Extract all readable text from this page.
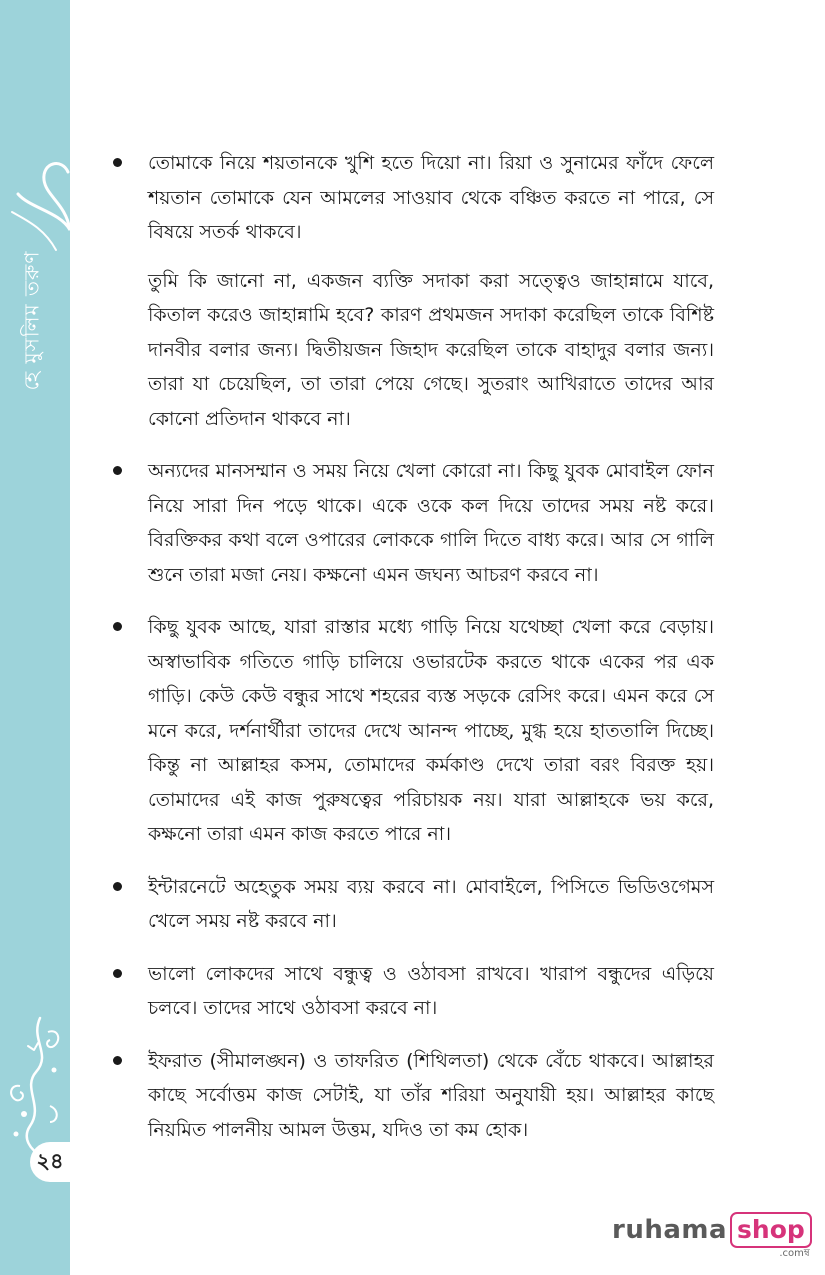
হে মুসলিম তরুণ
২৪

তোমাকে নিয়ে শয়তানকে খুশি হতে দিয়ো না। রিয়া ও সুনামের ফাঁদে ফেলে শয়তান তোমাকে যেন আমলের সাওয়াব থেকে বঞ্চিত করতে না পারে, সে বিষয়ে সতর্ক থাকবে।

তুমি কি জানো না, একজন ব্যক্তি সদাকা করা সত্ত্বেও জাহান্নামে যাবে, কিতাল করেও জাহান্নামি হবে? কারণ প্রথমজন সদাকা করেছিল তাকে বিশিষ্ট দানবীর বলার জন্য। দ্বিতীয়জন জিহাদ করেছিল তাকে বাহাদুর বলার জন্য। তারা যা চেয়েছিল, তা তারা পেয়ে গেছে। সুতরাং আখিরাতে তাদের আর কোনো প্রতিদান থাকবে না।

অন্যদের মানসম্মান ও সময় নিয়ে খেলা কোরো না। কিছু যুবক মোবাইল ফোন নিয়ে সারা দিন পড়ে থাকে। একে ওকে কল দিয়ে তাদের সময় নষ্ট করে। বিরক্তিকর কথা বলে ওপারের লোককে গালি দিতে বাধ্য করে। আর সে গালি শুনে তারা মজা নেয়। কক্ষনো এমন জঘন্য আচরণ করবে না।

কিছু যুবক আছে, যারা রাস্তার মধ্যে গাড়ি নিয়ে যথেচ্ছা খেলা করে বেড়ায়। অস্বাভাবিক গতিতে গাড়ি চালিয়ে ওভারটেক করতে থাকে একের পর এক গাড়ি। কেউ কেউ বন্ধুর সাথে শহরের ব্যস্ত সড়কে রেসিং করে। এমন করে সে মনে করে, দর্শনার্থীরা তাদের দেখে আনন্দ পাচ্ছে, মুগ্ধ হয়ে হাততালি দিচ্ছে। কিন্তু না আল্লাহর কসম, তোমাদের কর্মকাণ্ড দেখে তারা বরং বিরক্ত হয়। তোমাদের এই কাজ পুরুষত্বের পরিচায়ক নয়। যারা আল্লাহকে ভয় করে, কক্ষনো তারা এমন কাজ করতে পারে না।

ইন্টারনেটে অহেতুক সময় ব্যয় করবে না। মোবাইলে, পিসিতে ভিডিওগেমস খেলে সময় নষ্ট করবে না।

ভালো লোকদের সাথে বন্ধুত্ব ও ওঠাবসা রাখবে। খারাপ বন্ধুদের এড়িয়ে চলবে। তাদের সাথে ওঠাবসা করবে না।

ইফরাত (সীমালঙ্ঘন) ও তাফরিত (শিথিলতা) থেকে বেঁচে থাকবে। আল্লাহর কাছে সর্বোত্তম কাজ সেটাই, যা তাঁর শরিয়া অনুযায়ী হয়। আল্লাহর কাছে নিয়মিত পালনীয় আমল উত্তম, যদিও তা কম হোক।

ruhama shop
.comম্ব
